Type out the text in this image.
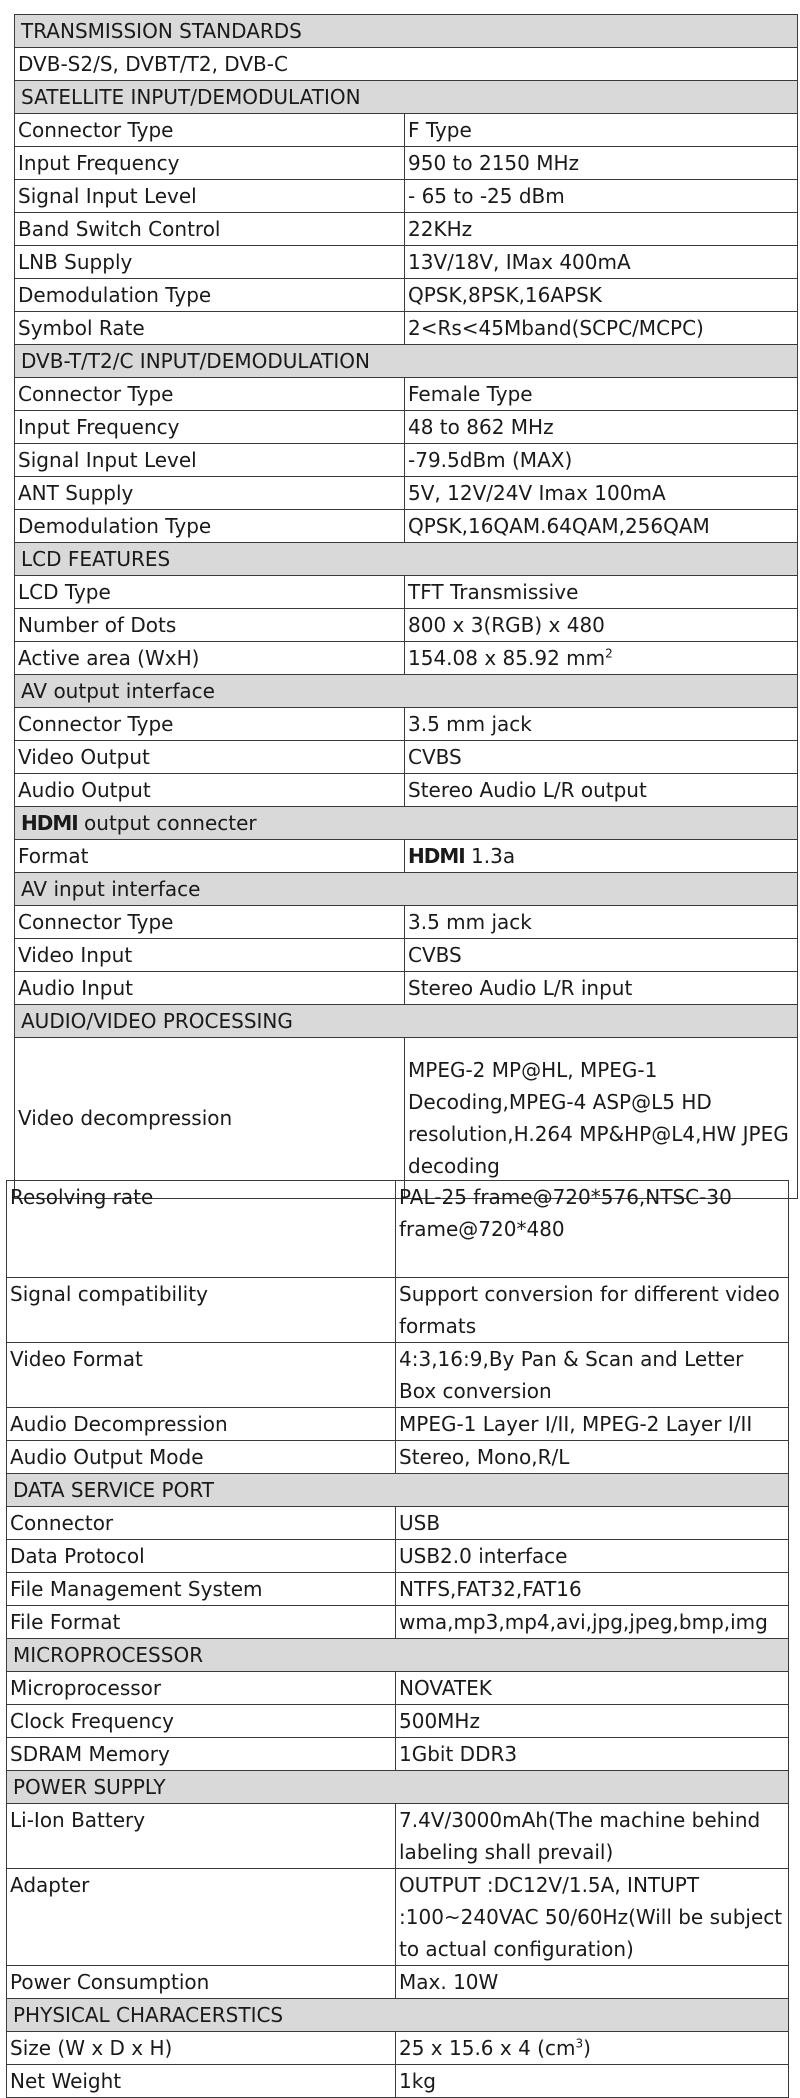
TRANSMISSION STANDARDS	
DVB-S2/S, DVBT/T2, DVB-C	
SATELLITE INPUT/DEMODULATION	
Connector Type	F Type
Input Frequency	950 to 2150 MHz
Signal Input Level	- 65 to -25 dBm
Band Switch Control	22KHz
LNB Supply	13V/18V, IMax 400mA
Demodulation Type	QPSK,8PSK,16APSK
Symbol Rate	2<Rs<45Mband(SCPC/MCPC)
DVB-T/T2/C INPUT/DEMODULATION	
Connector Type	Female Type
Input Frequency	48 to 862 MHz
Signal Input Level	-79.5dBm (MAX)
ANT Supply	5V, 12V/24V Imax 100mA
Demodulation Type	QPSK,16QAM.64QAM,256QAM
LCD FEATURES	
LCD Type	TFT Transmissive
Number of Dots	800 x 3(RGB) x 480
Active area (WxH)	154.08 x 85.92 $mm^2$
AV output interface	
Connector Type	3.5 mm jack
Video Output	CVBS
Audio Output	Stereo Audio L/R output
HDMI output connecter	
Format	HDMI 1.3a
AV input interface	
Connector Type	3.5 mm jack
Video Input	CVBS
Audio Input	Stereo Audio L/R input
AUDIO/VIDEO PROCESSING	
Video decompression	MPEG-2 MP@HL, MPEG-1 Decoding,MPEG-4 ASP@L5 HD resolution,H.264 MP&HP@L4,HW JPEG decoding
Resolving rate	PAL-25 frame@720*576,NTSC-30 frame@720*480
Signal compatibility	Support conversion for different video formats
Video Format	4:3,16:9,By Pan & Scan and Letter Box conversion
Audio Decompression	MPEG-1 Layer I/II, MPEG-2 Layer I/II
Audio Output Mode	Stereo, Mono,R/L
DATA SERVICE PORT	
Connector	USB
Data Protocol	USB2.0 interface
File Management System	NTFS,FAT32,FAT16
File Format	wma,mp3,mp4,avi,jpg,jpeg,bmp,img
MICROPROCESSOR	
Microprocessor	NOVATEK
Clock Frequency	500MHz
SDRAM Memory	1Gbit DDR3
POWER SUPPLY	
Li-Ion Battery	7.4V/3000mAh(The machine behind labeling shall prevail)
Adapter	OUTPUT :DC12V/1.5A, INTUPT :100~240VAC 50/60Hz(Will be subject to actual configuration)
Power Consumption	Max. 10W
PHYSICAL CHARACERSTICS	
Size (W x D x H)	25 x 15.6 x 4 $(cm^3)$
Net Weight	1kg
